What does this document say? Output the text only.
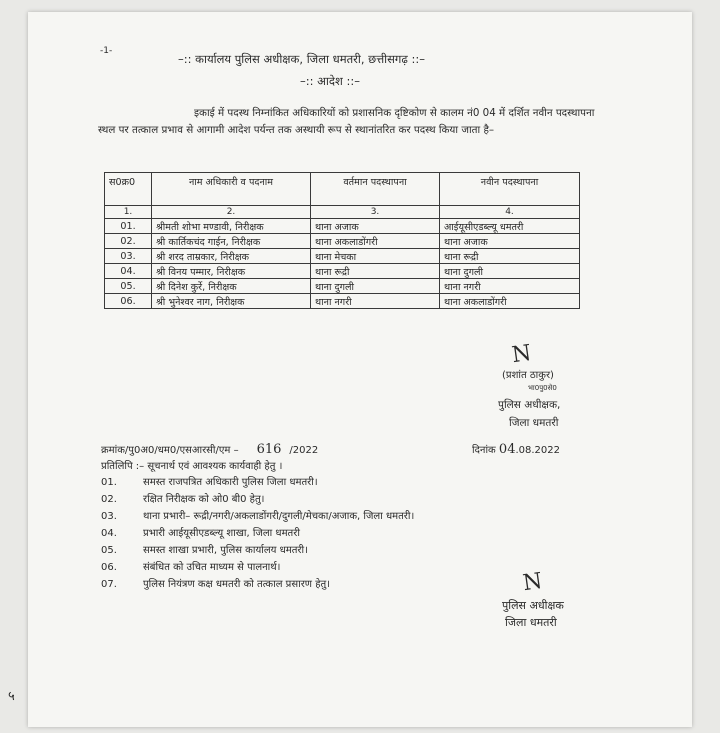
-1-
–:: कार्यालय पुलिस अधीक्षक, जिला धमतरी, छत्तीसगढ़ ::–
–:: आदेश ::–
इकाई में पदस्थ निम्नांकित अधिकारियों को प्रशासनिक दृष्टिकोण से कालम नं0 04 में दर्शित नवीन पदस्थापना स्थल पर तत्काल प्रभाव से आगामी आदेश पर्यन्त तक अस्थायी रूप से स्थानांतरित कर पदस्थ किया जाता है–
स0क्र0	नाम अधिकारी व पदनाम	वर्तमान पदस्थापना	नवीन पदस्थापना
1.	2.	3.	4.
01.	श्रीमती शोभा मण्डावी, निरीक्षक	थाना अजाक	आईयूसीएडब्ल्यू धमतरी
02.	श्री कार्तिकचंद गाईन, निरीक्षक	थाना अकलाडोंगरी	थाना अजाक
03.	श्री शरद ताम्रकार, निरीक्षक	थाना मेचका	थाना रूद्री
04.	श्री विनय पम्मार, निरीक्षक	थाना रूद्री	थाना दुगली
05.	श्री दिनेश कुर्रे, निरीक्षक	थाना दुगली	थाना नगरी
06.	श्री भुनेश्वर नाग, निरीक्षक	थाना नगरी	थाना अकलाडोंगरी
N
(प्रशांत ठाकुर)
भा0पु0से0
पुलिस अधीक्षक,
जिला धमतरी
क्रमांक/पु0अ0/धम0/एसआरसी/एम – 616 /2022	दिनांक 04.08.2022
प्रतिलिपि :– सूचनार्थ एवं आवश्यक कार्यवाही हेतु ।
01.	समस्त राजपत्रित अधिकारी पुलिस जिला धमतरी।
02.	रक्षित निरीक्षक को ओ0 बी0 हेतु।
03.	थाना प्रभारी– रूद्री/नगरी/अकलाडोंगरी/दुगली/मेचका/अजाक, जिला धमतरी।
04.	प्रभारी आईयूसीएडब्ल्यू शाखा, जिला धमतरी
05.	समस्त शाखा प्रभारी, पुलिस कार्यालय धमतरी।
06.	संबंधित को उचित माध्यम से पालनार्थ।
07.	पुलिस नियंत्रण कक्ष धमतरी को तत्काल प्रसारण हेतु।	N
पुलिस अधीक्षक
जिला धमतरी
५
